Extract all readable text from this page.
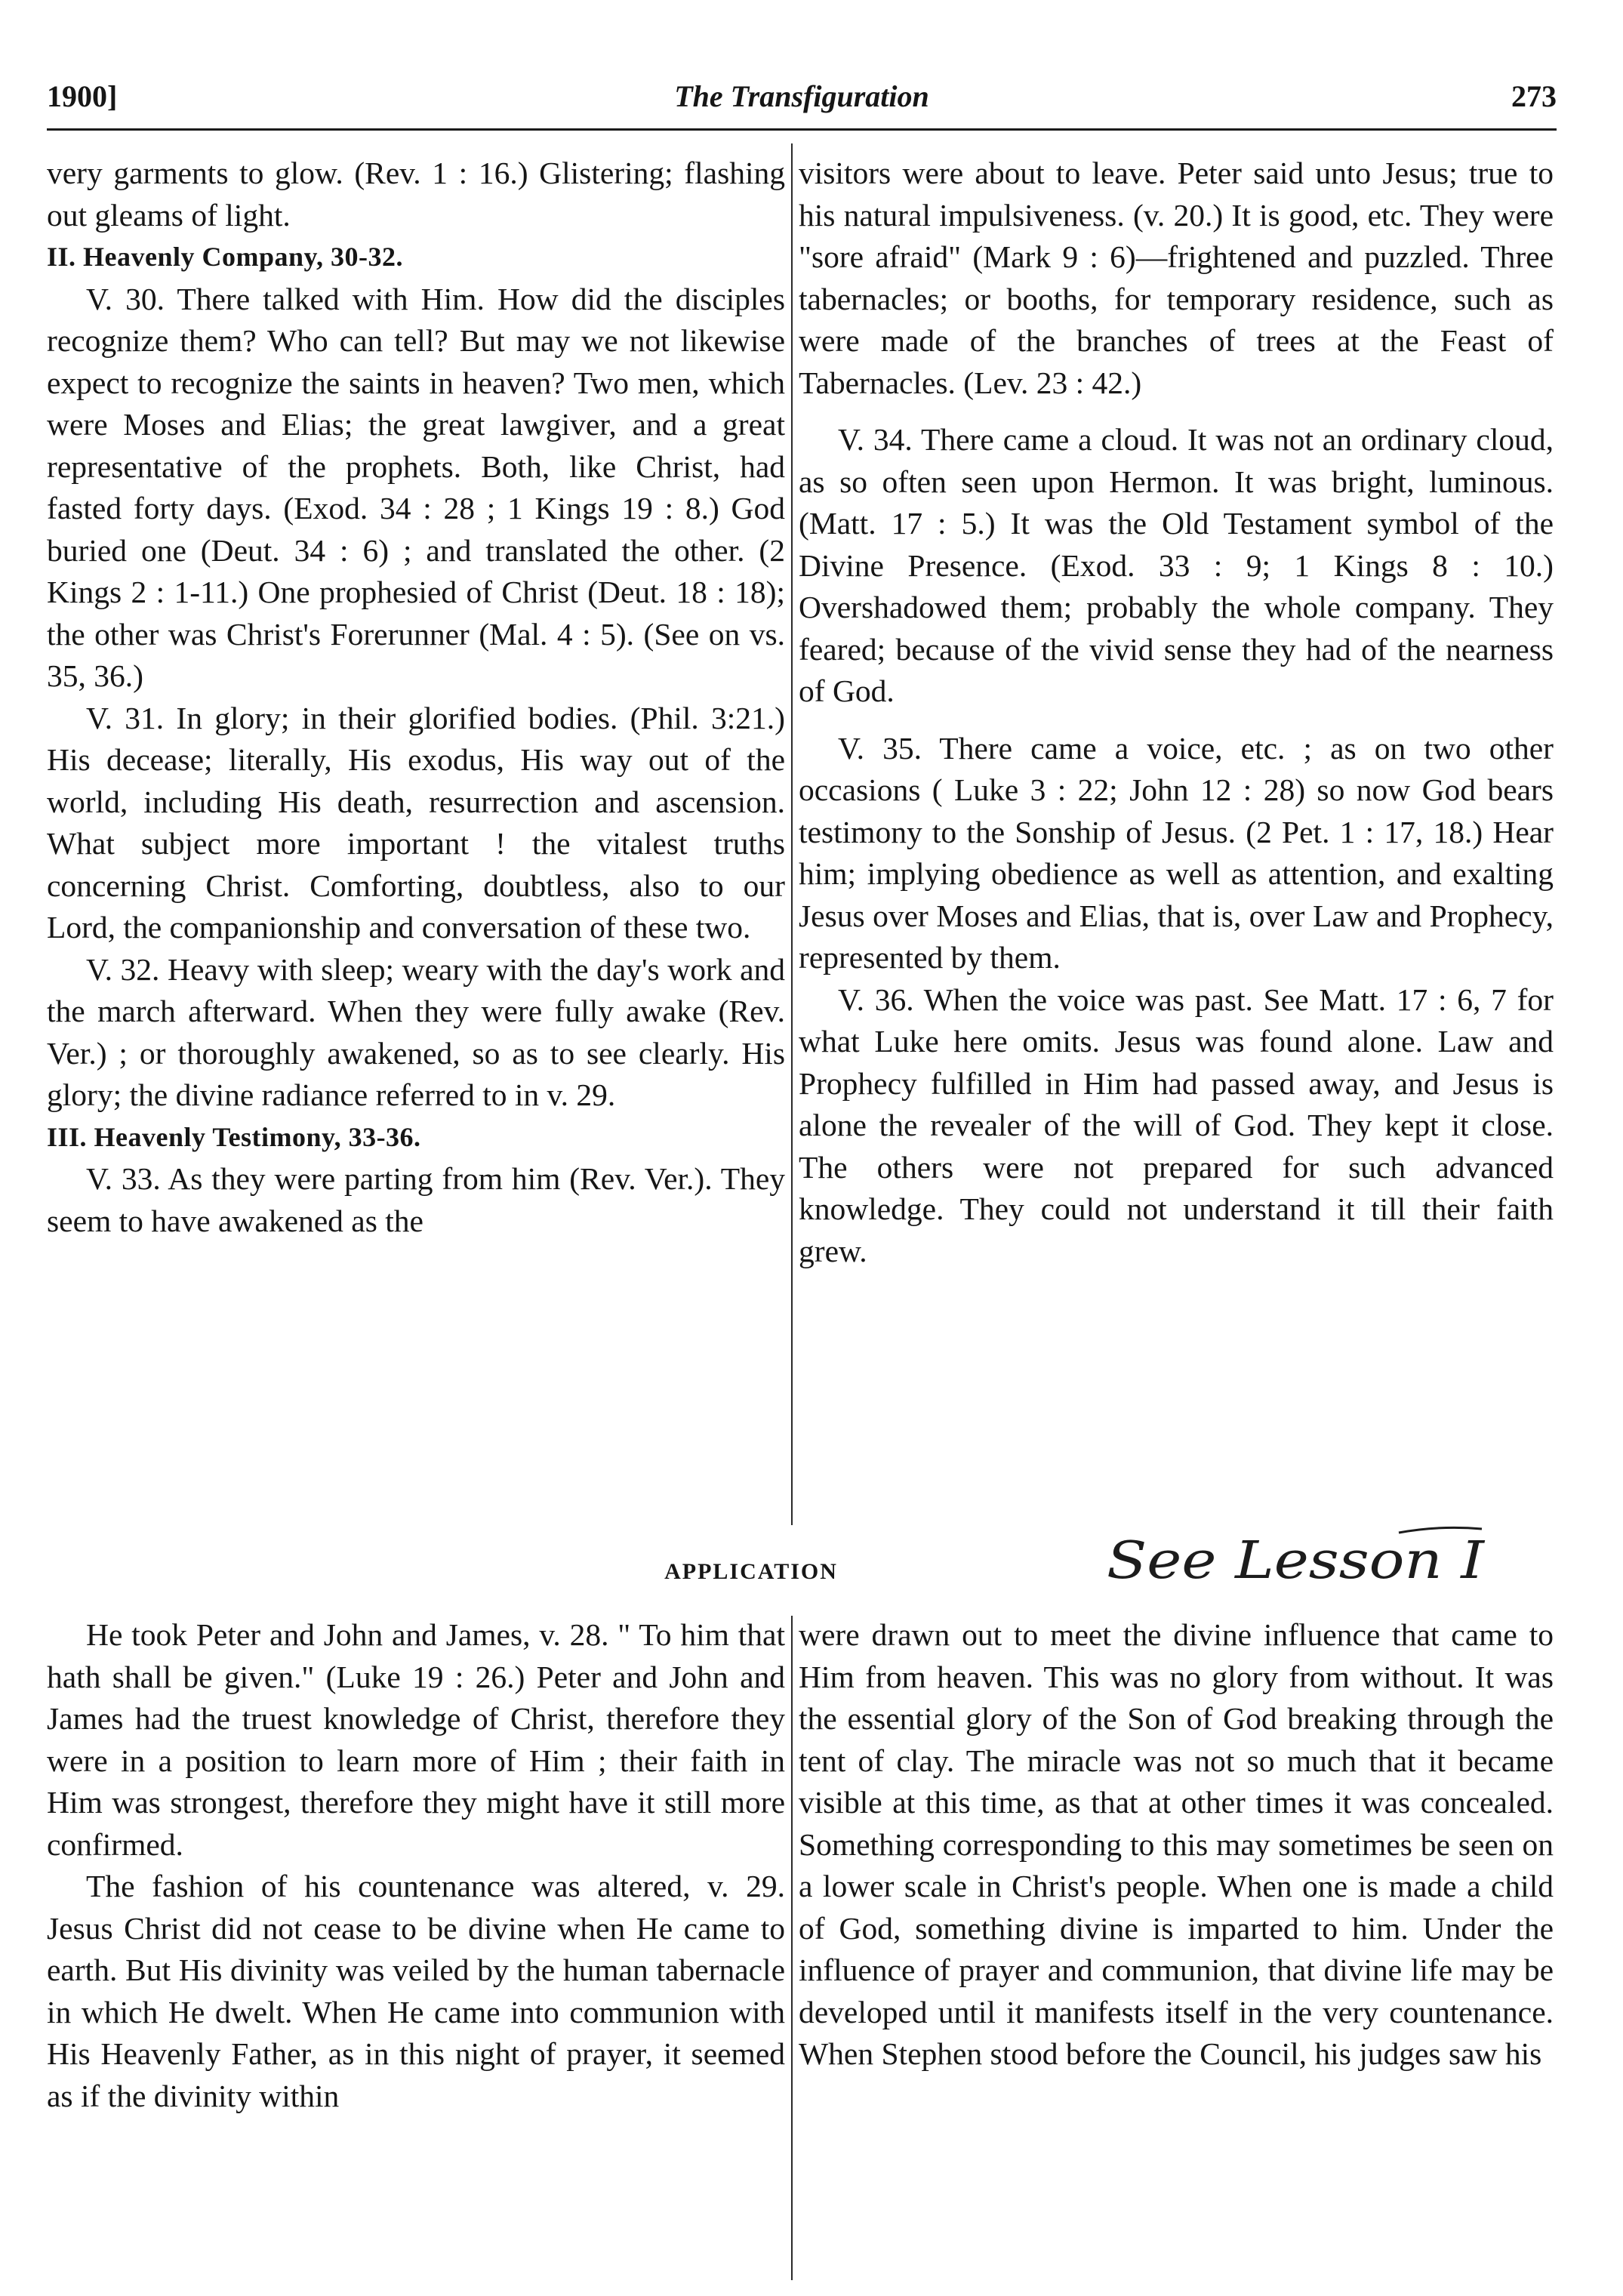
1900]	The Transfiguration	273

very garments to glow. (Rev. 1 : 16.) Glistering; flashing out gleams of light.

II. Heavenly Company, 30-32.

V. 30. There talked with Him. How did the disciples recognize them? Who can tell? But may we not likewise expect to recognize the saints in heaven? Two men, which were Moses and Elias; the great lawgiver, and a great representative of the prophets. Both, like Christ, had fasted forty days. (Exod. 34 : 28 ; 1 Kings 19 : 8.) God buried one (Deut. 34 : 6) ; and translated the other. (2 Kings 2 : 1-11.) One prophesied of Christ (Deut. 18 : 18); the other was Christ's Forerunner (Mal. 4 : 5). (See on vs. 35, 36.)

V. 31. In glory; in their glorified bodies. (Phil. 3:21.) His decease; literally, His exodus, His way out of the world, including His death, resurrection and ascension. What subject more important ! the vitalest truths concerning Christ. Comforting, doubtless, also to our Lord, the companionship and conversation of these two.

V. 32. Heavy with sleep; weary with the day's work and the march afterward. When they were fully awake (Rev. Ver.) ; or thoroughly awakened, so as to see clearly. His glory; the divine radiance referred to in v. 29.

III. Heavenly Testimony, 33-36.

V. 33. As they were parting from him (Rev. Ver.). They seem to have awakened as the

visitors were about to leave. Peter said unto Jesus; true to his natural impulsiveness. (v. 20.) It is good, etc. They were "sore afraid" (Mark 9 : 6)—frightened and puzzled. Three tabernacles; or booths, for temporary residence, such as were made of the branches of trees at the Feast of Tabernacles. (Lev. 23 : 42.)

V. 34. There came a cloud. It was not an ordinary cloud, as so often seen upon Hermon. It was bright, luminous. (Matt. 17 : 5.) It was the Old Testament symbol of the Divine Presence. (Exod. 33 : 9; 1 Kings 8 : 10.) Overshadowed them; probably the whole company. They feared; because of the vivid sense they had of the nearness of God.

V. 35. There came a voice, etc. ; as on two other occasions ( Luke 3 : 22; John 12 : 28) so now God bears testimony to the Sonship of Jesus. (2 Pet. 1 : 17, 18.) Hear him; implying obedience as well as attention, and exalting Jesus over Moses and Elias, that is, over Law and Prophecy, represented by them.

V. 36. When the voice was past. See Matt. 17 : 6, 7 for what Luke here omits. Jesus was found alone. Law and Prophecy fulfilled in Him had passed away, and Jesus is alone the revealer of the will of God. They kept it close. The others were not prepared for such advanced knowledge. They could not understand it till their faith grew.

APPLICATION	See Lesson I

He took Peter and John and James, v. 28. " To him that hath shall be given." (Luke 19 : 26.) Peter and John and James had the truest knowledge of Christ, therefore they were in a position to learn more of Him ; their faith in Him was strongest, therefore they might have it still more confirmed.

The fashion of his countenance was altered, v. 29. Jesus Christ did not cease to be divine when He came to earth. But His divinity was veiled by the human tabernacle in which He dwelt. When He came into communion with His Heavenly Father, as in this night of prayer, it seemed as if the divinity within

were drawn out to meet the divine influence that came to Him from heaven. This was no glory from without. It was the essential glory of the Son of God breaking through the tent of clay. The miracle was not so much that it became visible at this time, as that at other times it was concealed. Something corresponding to this may sometimes be seen on a lower scale in Christ's people. When one is made a child of God, something divine is imparted to him. Under the influence of prayer and communion, that divine life may be developed until it manifests itself in the very countenance. When Stephen stood before the Council, his judges saw his
